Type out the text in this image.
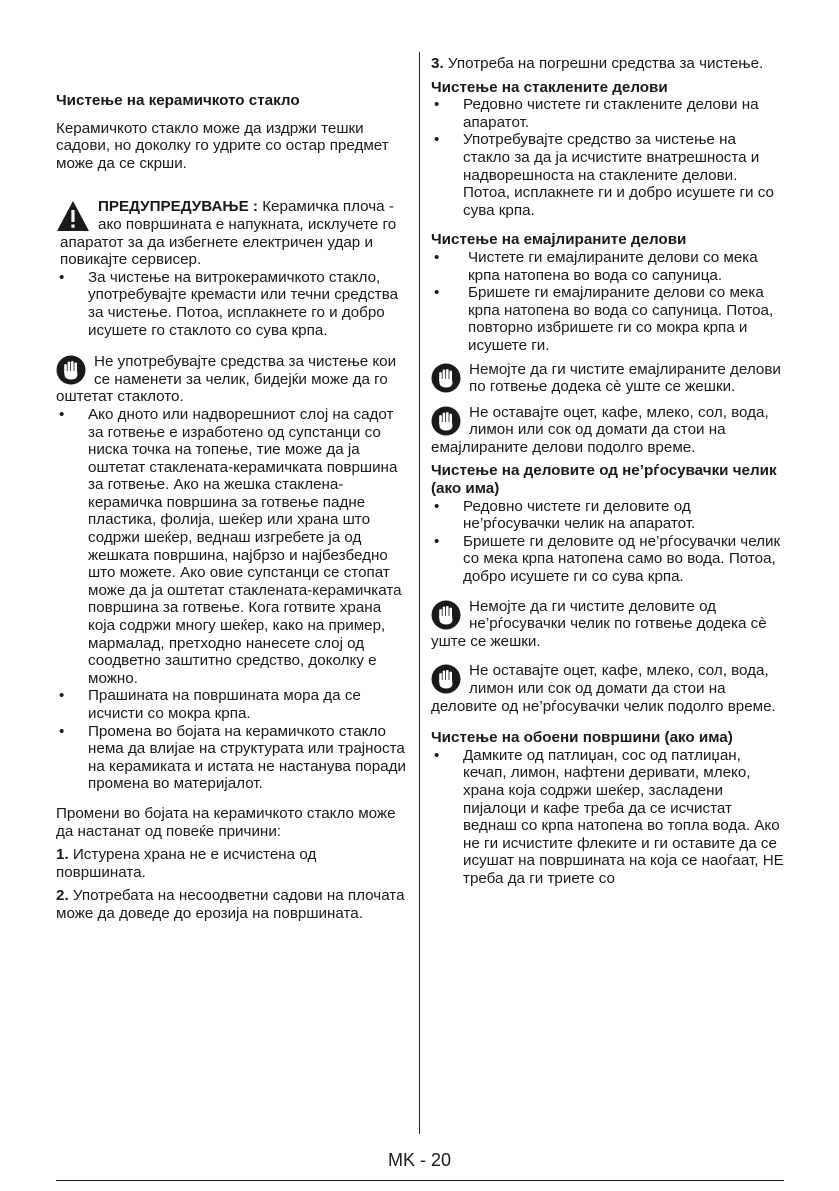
Чистење на керамичкото стакло

Керамичкото стакло може да издржи тешки садови, но доколку го удрите со остар предмет може да се скрши.

ПРЕДУПРЕДУВАЊЕ : Керамичка плоча - ако површината е напукната, исклучете го апаратот за да избегнете електричен удар и повикајте сервисер.

• За чистење на витрокерамичкото стакло, употребувајте кремасти или течни средства за чистење. Потоа, исплакнете го и добро исушете го стаклото со сува крпа.

Не употребувајте средства за чистење кои се наменети за челик, бидејќи може да го оштетат стаклото.

• Ако дното или надворешниот слој на садот за готвење е изработено од супстанци со ниска точка на топење, тие може да ја оштетат стаклената-керамичката површина за готвење. Ако на жешка стаклена-керамичка површина за готвење падне пластика, фолија, шеќер или храна што содржи шеќер, веднаш изгребете ја од жешката површина, најбрзо и најбезбедно што можете. Ако овие супстанци се стопат може да ја оштетат стаклената-керамичката површина за готвење. Кога готвите храна која содржи многу шеќер, како на пример, мармалад, претходно нанесете слој од соодветно заштитно средство, доколку е можно.
• Прашината на површината мора да се исчисти со мокра крпа.
• Промена во бојата на керамичкото стакло нема да влијае на структурата или трајноста на керамиката и истата не настанува поради промена во материјалот.

Промени во бојата на керамичкото стакло може да настанат од повеќе причини:

1. Истурена храна не е исчистена од површината.

2. Употребата на несоодветни садови на плочата може да доведе до ерозија на површината.

3. Употреба на погрешни средства за чистење.

Чистење на стаклените делови

• Редовно чистете ги стаклените делови на апаратот.
• Употребувајте средство за чистење на стакло за да ја исчистите внатрешноста и надворешноста на стаклените делови. Потоа, исплакнете ги и добро исушете ги со сува крпа.

Чистење на емајлираните делови

• Чистете ги емајлираните делови со мека крпа натопена во вода со сапуница.
• Бришете ги емајлираните делови со мека крпа натопена во вода со сапуница. Потоа, повторно избришете ги со мокра крпа и исушете ги.

Немојте да ги чистите емајлираните делови по готвење додека сè уште се жешки.

Не оставајте оцет, кафе, млеко, сол, вода, лимон или сок од домати да стои на емајлираните делови подолго време.

Чистење на деловите од не’рѓосувачки челик (ако има)

• Редовно чистете ги деловите од не’рѓосувачки челик на апаратот.
• Бришете ги деловите од не’рѓосувачки челик со мека крпа натопена само во вода. Потоа, добро исушете ги со сува крпа.

Немојте да ги чистите деловите од не’рѓосувачки челик по готвење додека сè уште се жешки.

Не оставајте оцет, кафе, млеко, сол, вода, лимон или сок од домати да стои на деловите од не’рѓосувачки челик подолго време.

Чистење на обоени површини (ако има)

• Дамките од патлиџан, сос од патлиџан, кечап, лимон, нафтени деривати, млеко, храна која содржи шеќер, засладени пијалоци и кафе треба да се исчистат веднаш со крпа натопена во топла вода. Ако не ги исчистите флеките и ги оставите да се исушат на површината на која се наоѓаат, НЕ треба да ги триете со
MK - 20
